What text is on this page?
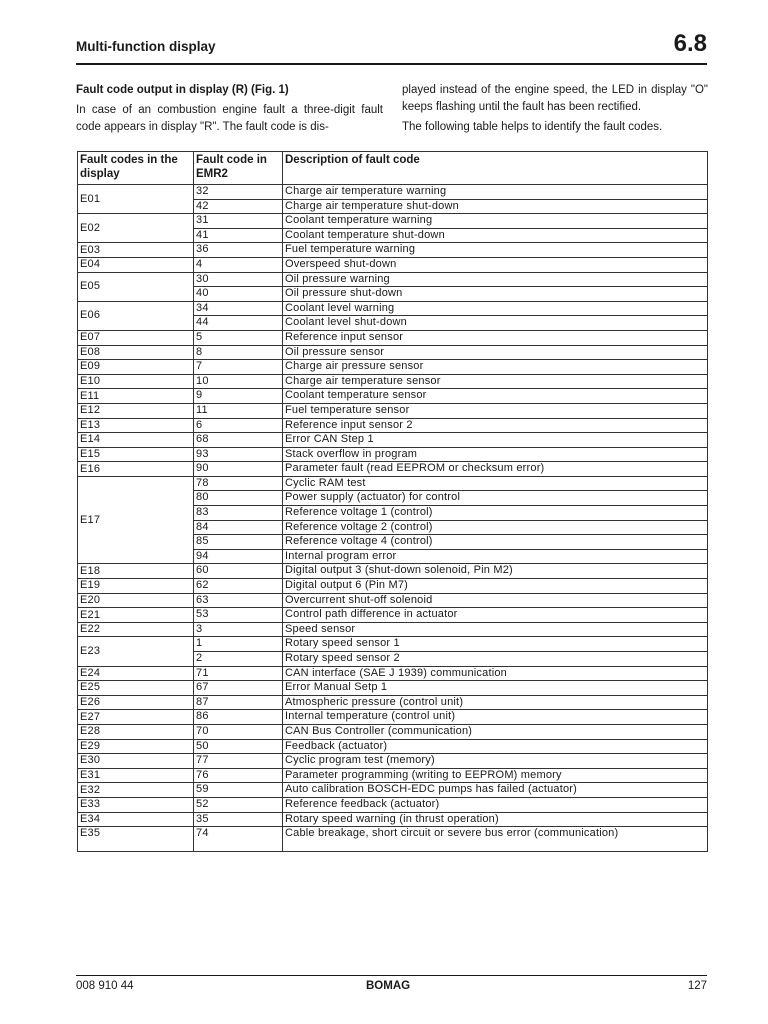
Multi-function display	6.8

Fault code output in display (R) (Fig. 1)

In case of an combustion engine fault a three-digit fault code appears in display "R". The fault code is dis-

played instead of the engine speed, the LED in display "O" keeps flashing until the fault has been rectified.

The following table helps to identify the fault codes.

Fault codes in the display	Fault code in EMR2	Description of fault code
E01	32	Charge air temperature warning
	42	Charge air temperature shut-down
E02	31	Coolant temperature warning
	41	Coolant temperature shut-down
E03	36	Fuel temperature warning
E04	4	Overspeed shut-down
E05	30	Oil pressure warning
	40	Oil pressure shut-down
E06	34	Coolant level warning
	44	Coolant level shut-down
E07	5	Reference input sensor
E08	8	Oil pressure sensor
E09	7	Charge air pressure sensor
E10	10	Charge air temperature sensor
E11	9	Coolant temperature sensor
E12	11	Fuel temperature sensor
E13	6	Reference input sensor 2
E14	68	Error CAN Step 1
E15	93	Stack overflow in program
E16	90	Parameter fault (read EEPROM or checksum error)
E17	78	Cyclic RAM test
	80	Power supply (actuator) for control
	83	Reference voltage 1 (control)
	84	Reference voltage 2 (control)
	85	Reference voltage 4 (control)
	94	Internal program error
E18	60	Digital output 3 (shut-down solenoid, Pin M2)
E19	62	Digital output 6 (Pin M7)
E20	63	Overcurrent shut-off solenoid
E21	53	Control path difference in actuator
E22	3	Speed sensor
E23	1	Rotary speed sensor 1
	2	Rotary speed sensor 2
E24	71	CAN interface (SAE J 1939) communication
E25	67	Error Manual Setp 1
E26	87	Atmospheric pressure (control unit)
E27	86	Internal temperature (control unit)
E28	70	CAN Bus Controller (communication)
E29	50	Feedback (actuator)
E30	77	Cyclic program test (memory)
E31	76	Parameter programming (writing to EEPROM) memory
E32	59	Auto calibration BOSCH-EDC pumps has failed (actuator)
E33	52	Reference feedback (actuator)
E34	35	Rotary speed warning (in thrust operation)
E35	74	Cable breakage, short circuit or severe bus error (communication)

008 910 44	BOMAG	127
